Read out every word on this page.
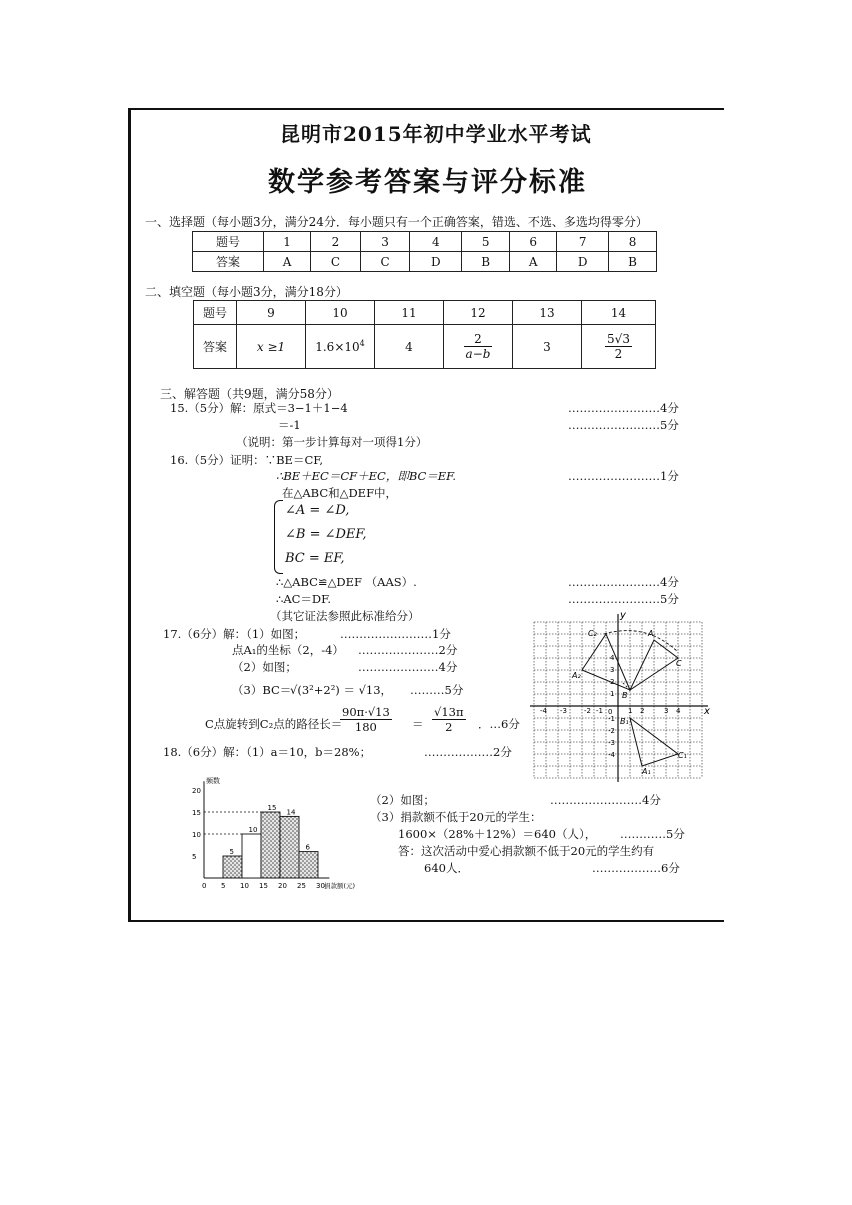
昆明市2015年初中学业水平考试
数学参考答案与评分标准
一、选择题（每小题3分，满分24分．每小题只有一个正确答案，错选、不选、多选均得零分）
题号	1	2	3	4	5	6	7	8
答案	A	C	C	D	B	A	D	B
二、填空题（每小题3分，满分18分）
题号	9	10	11	12	13	14
答案	x ≥1	$1.6\times 10^4$	4	$\frac{2}{a-b}$	3	$\frac{5√3}{2}$
三、解答题（共9题，满分58分）
15.（5分）解：原式＝3−1＋1−4	……………………4分
＝-1	……………………5分
（说明：第一步计算每对一项得1分）
16.（5分）证明：∵BE＝CF,
∴BE＋EC＝CF＋EC，即BC＝EF.	……………………1分
在△ABC和△DEF中，
∠A = ∠D,
∠B = ∠DEF,
BC = EF,
∴△ABC≌△DEF （AAS）.	……………………4分
∴AC＝DF.	……………………5分
（其它证法参照此标准给分）
17.（6分）解：（1）如图；	……………………1分
点A₁的坐标（2，-4） …………………2分
（2）如图；	…………………4分
（3）BC＝
√(3²+2²) ＝ √13， ………5分
C点旋转到C₂点的路径长＝
$\frac{90\pi\cdot√13}{180} = \frac{√13\pi}{2}$ ．…6分
18.（6分）解：（1）a＝10，b＝28%；	………………2分
（2）如图；	……………………4分
（3）捐款额不低于20元的学生：
1600×（28%＋12%）＝640（人）， …………5分
答：这次活动中爱心捐款额不低于20元的学生约有
640人．	………………6分
y
x
0
-4 -3 -2 -1	1 2	3 4
4
3
2
1
-1
-2
-3
-4
C₂	A
C
A₂
B
B₁
C₁
A₁
频数
捐款额(元)
0 5 10 15 20 25 30
5
10
15
20
5
10
15
14
6
